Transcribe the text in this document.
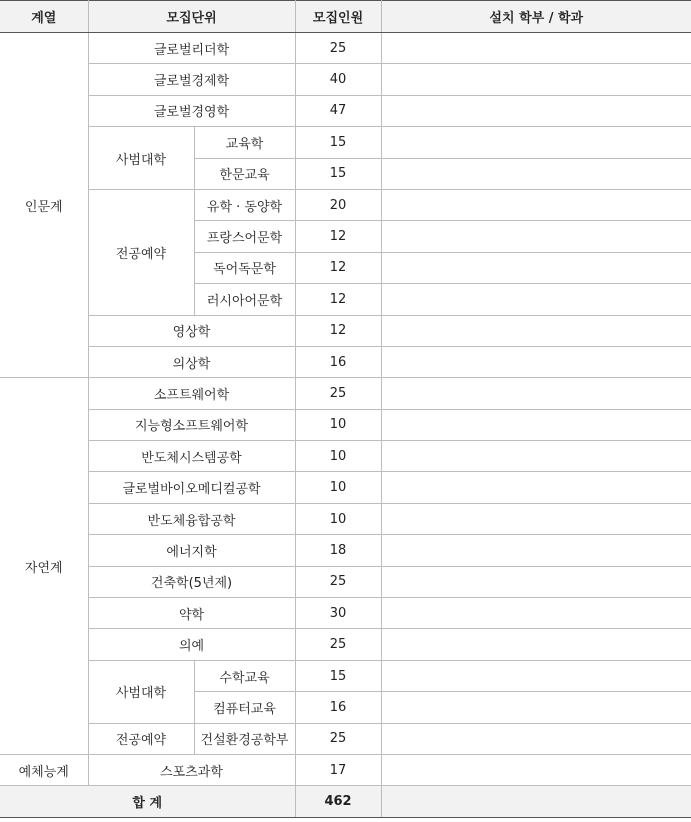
계열	모집단위		모집인원	설치 학부 / 학과
인문계	글로벌리더학		25	
	글로벌경제학		40	
	글로벌경영학		47	
	사범대학	교육학	15	
		한문교육	15	
	전공예약	유학 · 동양학	20	
		프랑스어문학	12	
		독어독문학	12	
		러시아어문학	12	
	영상학		12	
	의상학		16	
자연계	소프트웨어학		25	
	지능형소프트웨어학		10	
	반도체시스템공학		10	
	글로벌바이오메디컬공학		10	
	반도체융합공학		10	
	에너지학		18	
	건축학(5년제)		25	
	약학		30	
	의예		25	
	사범대학	수학교육	15	
		컴퓨터교육	16	
	전공예약	건설환경공학부	25	
예체능계	스포츠과학		17	
합 계			462	
